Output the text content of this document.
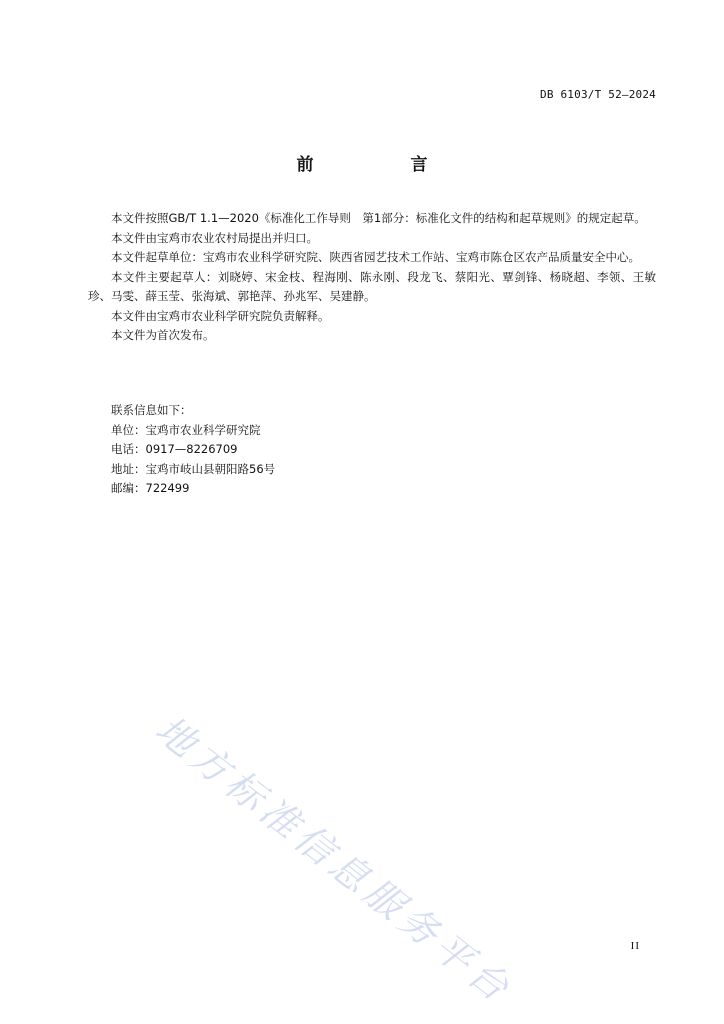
DB 6103/T 52—2024
前　言

本文件按照GB/T 1.1—2020《标准化工作导则　第1部分：标准化文件的结构和起草规则》的规定起草。

本文件由宝鸡市农业农村局提出并归口。

本文件起草单位：宝鸡市农业科学研究院、陕西省园艺技术工作站、宝鸡市陈仓区农产品质量安全中心。

本文件主要起草人：刘晓婷、宋金枝、程海刚、陈永刚、段龙飞、蔡阳光、覃剑锋、杨晓超、李领、王敏珍、马雯、薛玉莹、张海斌、郭艳萍、孙兆军、吴建静。

本文件由宝鸡市农业科学研究院负责解释。

本文件为首次发布。

联系信息如下：

单位：宝鸡市农业科学研究院

电话：0917—8226709

地址：宝鸡市岐山县朝阳路56号

邮编：722499

地方标准信息服务平台	II
